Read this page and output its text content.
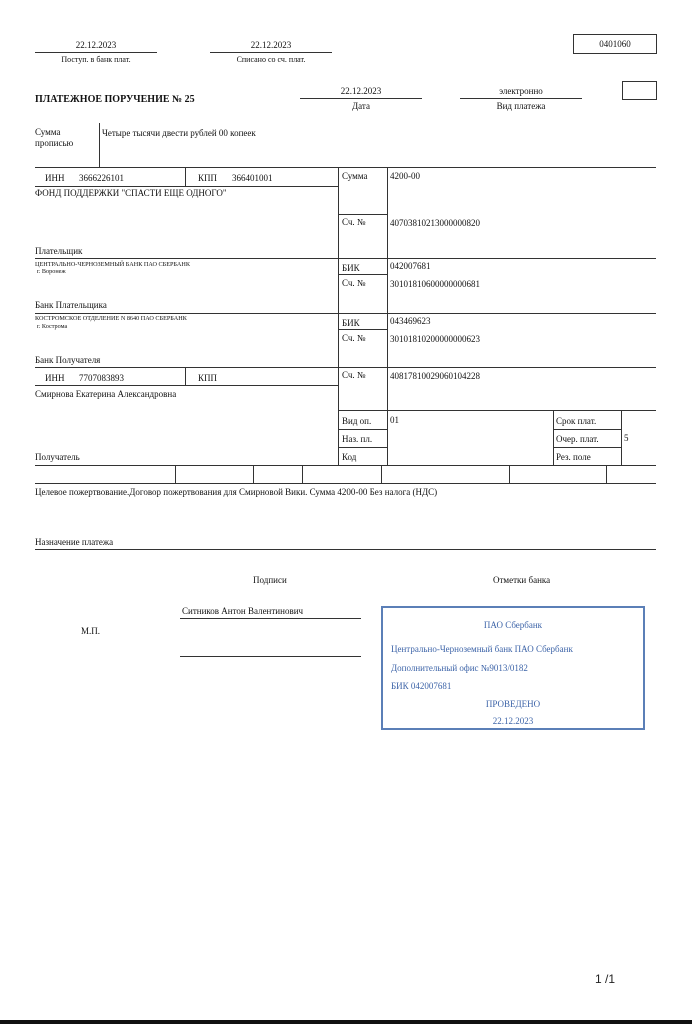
22.12.2023
Поступ. в банк плат.
22.12.2023
Списано со сч. плат.
0401060
ПЛАТЕЖНОЕ ПОРУЧЕНИЕ № 25
22.12.2023
Дата
электронно
Вид платежа
Сумма
прописью
Четыре тысячи двести рублей 00 копеек
ИНН 3666226101	КПП 366401001
ФОНД ПОДДЕРЖКИ "СПАСТИ ЕЩЕ ОДНОГО"
Плательщик
Сумма	4200-00
Сч. №	40703810213000000820
ЦЕНТРАЛЬНО-ЧЕРНОЗЕМНЫЙ БАНК ПАО СБЕРБАНК
г. Воронеж
Банк Плательщика
БИК	042007681
Сч. №	30101810600000000681
КОСТРОМСКОЕ ОТДЕЛЕНИЕ N 8640 ПАО СБЕРБАНК
г. Кострома
Банк Получателя
БИК	043469623
Сч. №	30101810200000000623
ИНН 7707083893	КПП
Смирнова Екатерина Александровна
Получатель
Сч. №	40817810029060104228
Вид оп. 01
Наз. пл.
Код
Срок плат.
Очер. плат.	5
Рез. поле
Целевое пожертвование.Договор пожертвования для Смирновой Вики. Сумма 4200-00 Без налога (НДС)
Назначение платежа
Подписи	Отметки банка
Ситников Антон Валентинович
М.П.
ПАО Сбербанк
Центрально-Черноземный банк ПАО Сбербанк
Дополнительный офис №9013/0182
БИК 042007681
ПРОВЕДЕНО
22.12.2023
1 /1
